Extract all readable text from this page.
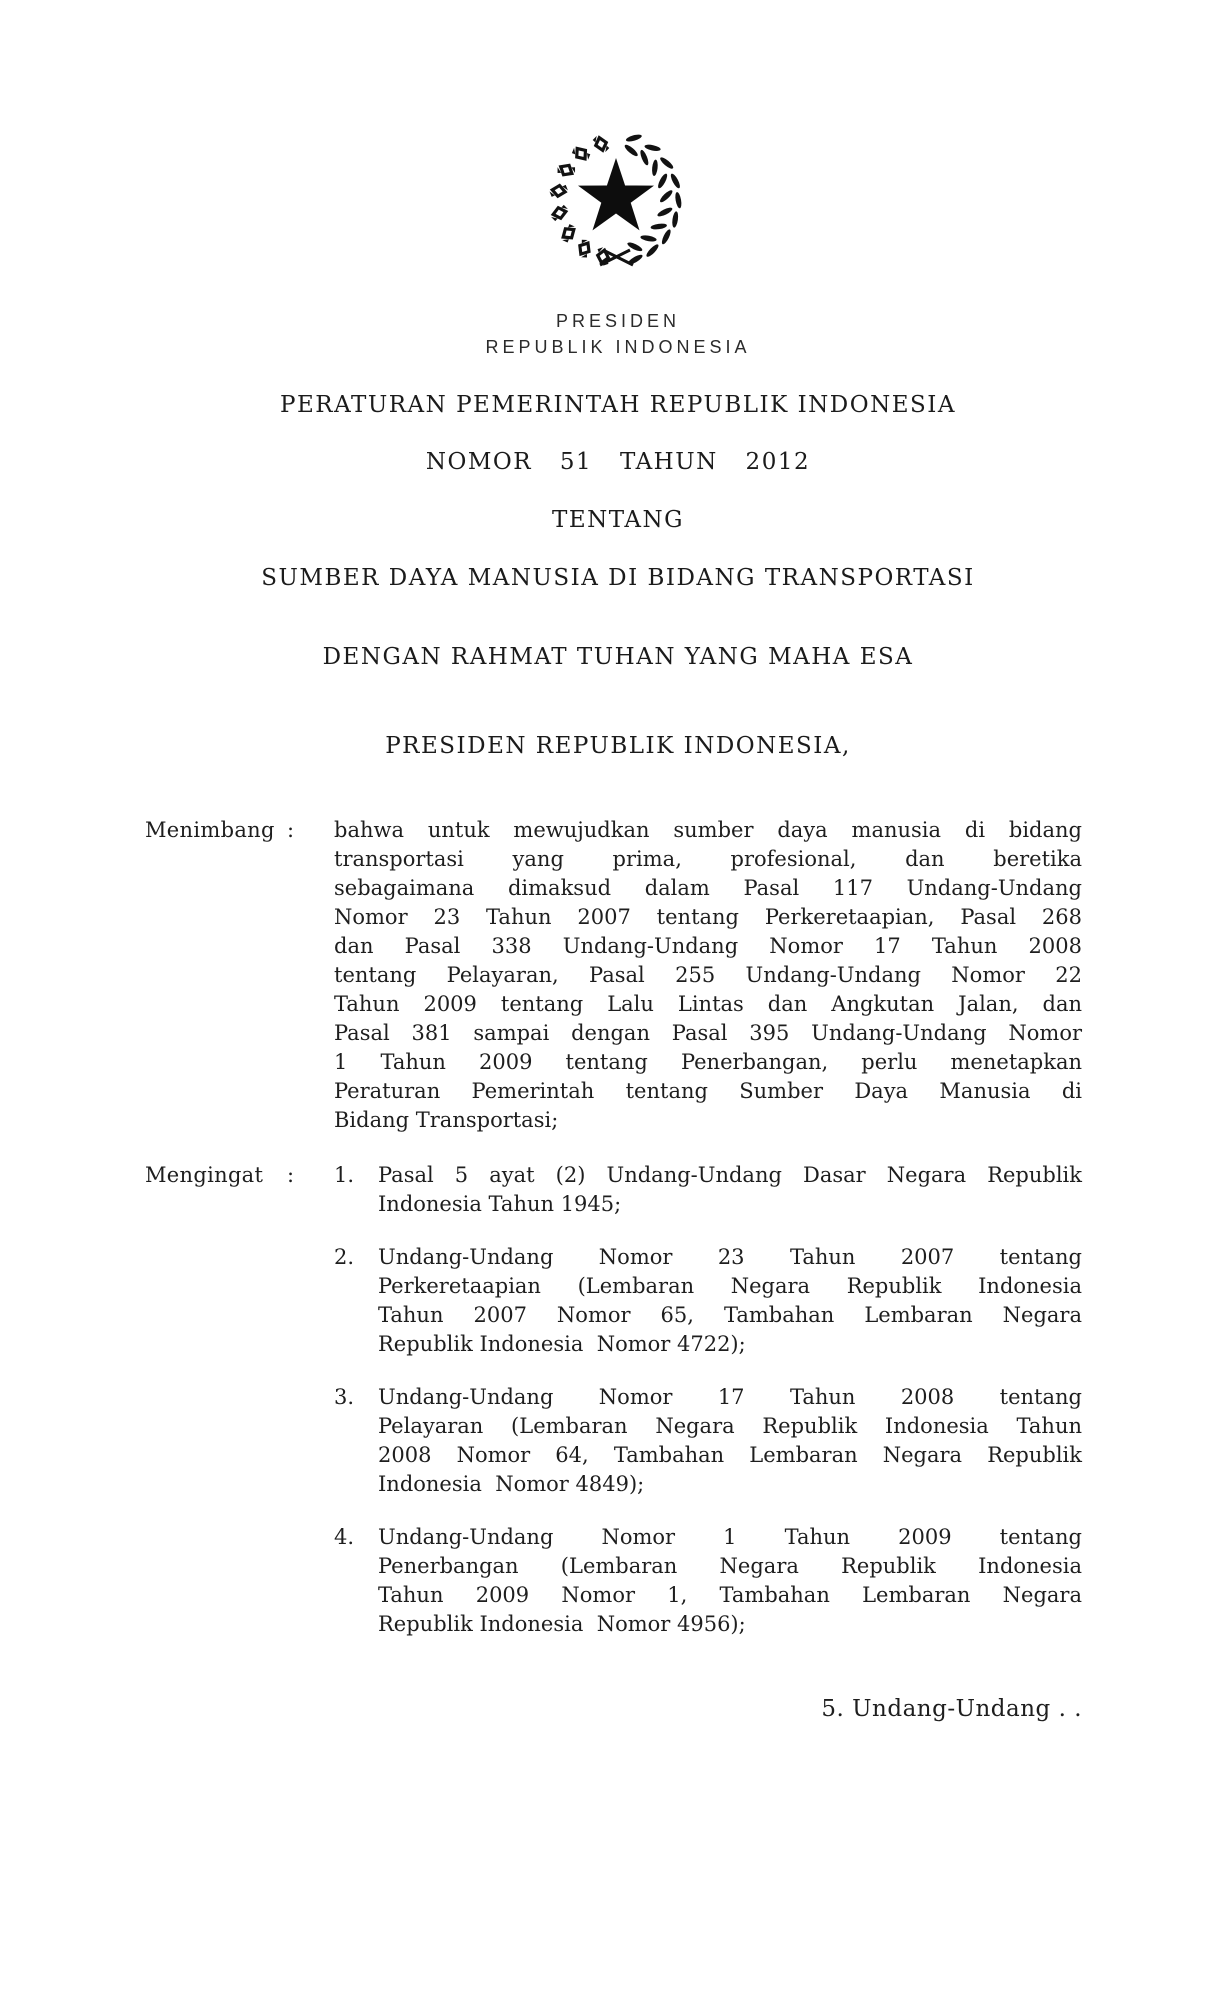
PRESIDEN
REPUBLIK INDONESIA
PERATURAN PEMERINTAH REPUBLIK INDONESIA
NOMOR 51 TAHUN 2012
TENTANG
SUMBER DAYA MANUSIA DI BIDANG TRANSPORTASI
DENGAN RAHMAT TUHAN YANG MAHA ESA
PRESIDEN REPUBLIK INDONESIA,
Menimbang :	bahwa untuk mewujudkan sumber daya manusia di bidang
transportasi yang prima, profesional, dan beretika
sebagaimana dimaksud dalam Pasal 117 Undang-Undang
Nomor 23 Tahun 2007 tentang Perkeretaapian, Pasal 268
dan Pasal 338 Undang-Undang Nomor 17 Tahun 2008
tentang Pelayaran, Pasal 255 Undang-Undang Nomor 22
Tahun 2009 tentang Lalu Lintas dan Angkutan Jalan, dan
Pasal 381 sampai dengan Pasal 395 Undang-Undang Nomor
1 Tahun 2009 tentang Penerbangan, perlu menetapkan
Peraturan Pemerintah tentang Sumber Daya Manusia di
Bidang Transportasi;
Mengingat	:	1.	Pasal 5 ayat (2) Undang-Undang Dasar Negara Republik
Indonesia Tahun 1945;
2.	Undang-Undang Nomor 23 Tahun 2007 tentang
Perkeretaapian (Lembaran Negara Republik Indonesia
Tahun 2007 Nomor 65, Tambahan Lembaran Negara
Republik Indonesia  Nomor 4722);
3.	Undang-Undang Nomor 17 Tahun 2008 tentang
Pelayaran (Lembaran Negara Republik Indonesia Tahun
2008 Nomor 64, Tambahan Lembaran Negara Republik
Indonesia  Nomor 4849);
4.	Undang-Undang Nomor 1 Tahun 2009 tentang
Penerbangan (Lembaran Negara Republik Indonesia
Tahun 2009 Nomor 1, Tambahan Lembaran Negara
Republik Indonesia  Nomor 4956);
5. Undang-Undang . .
